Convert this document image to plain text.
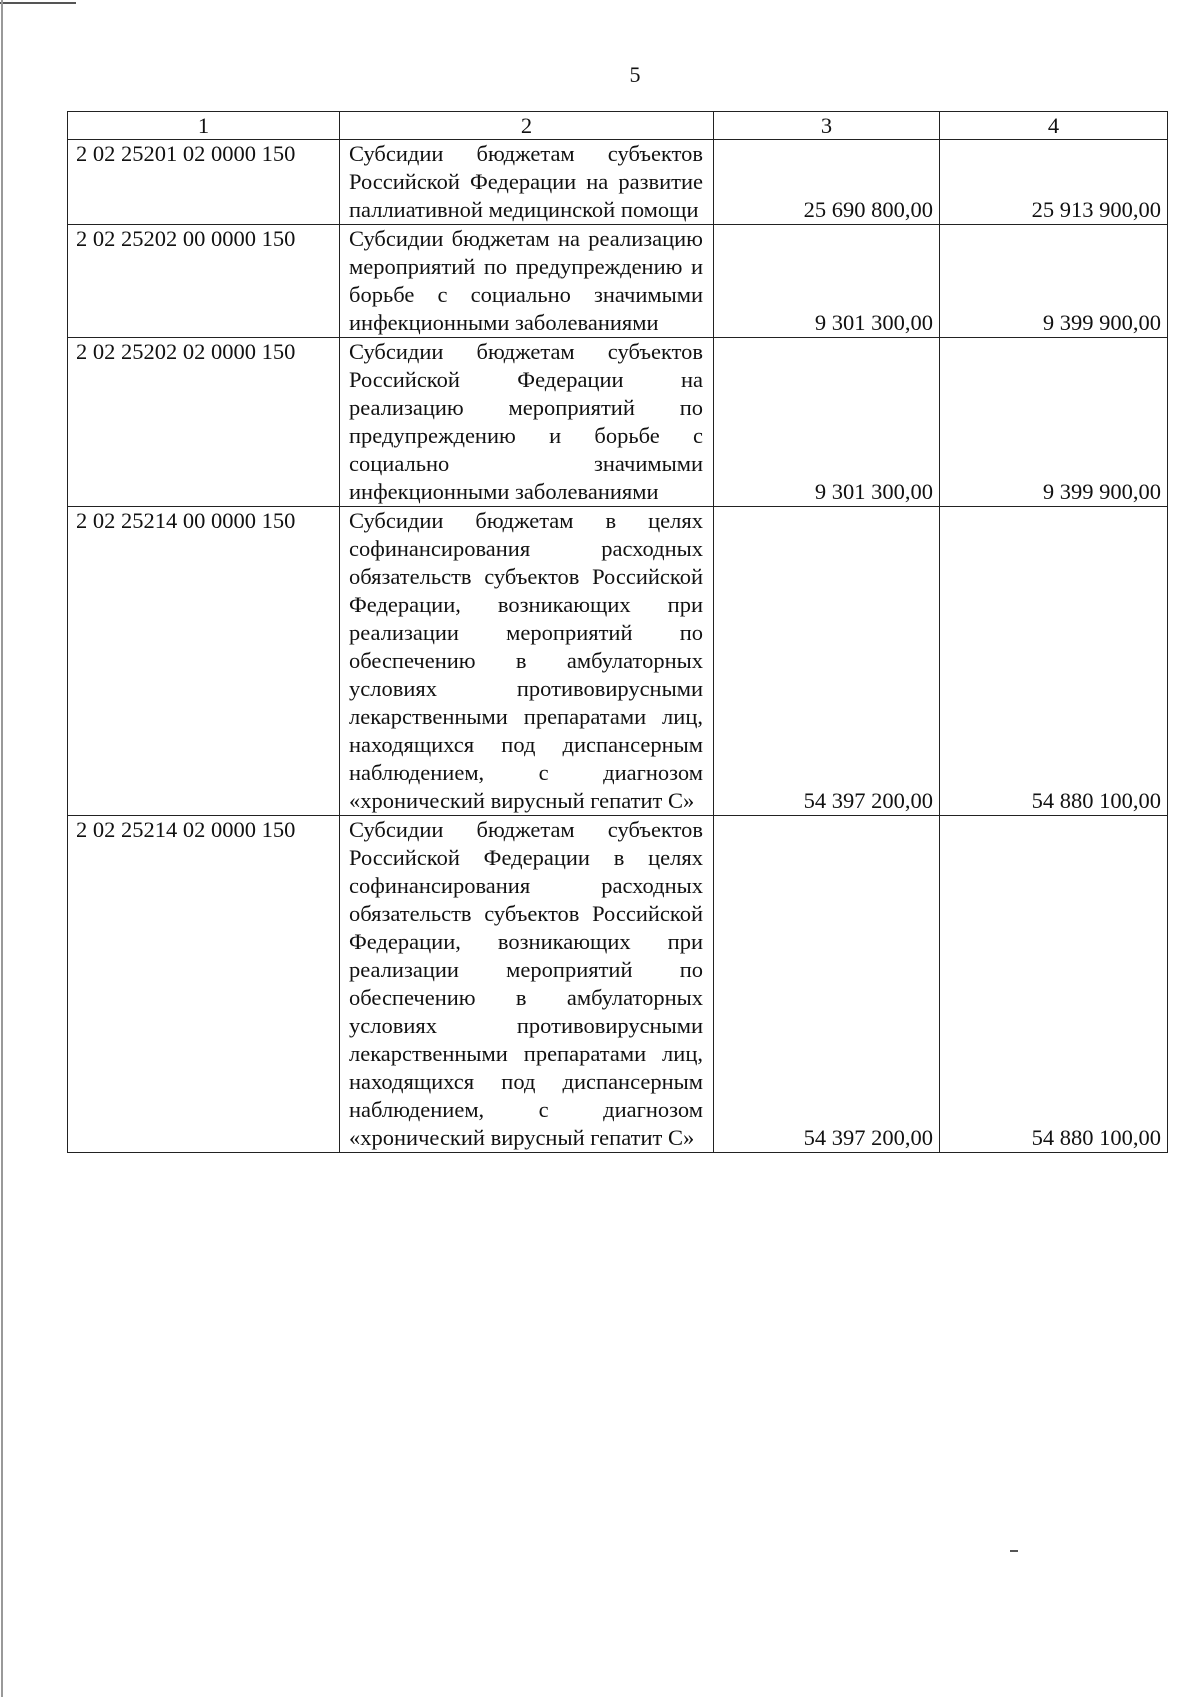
5
1	2	3	4
2 02 25201 02 0000 150	Субсидии бюджетам субъектов Российской Федерации на развитие паллиативной медицинской помощи	25 690 800,00	25 913 900,00
2 02 25202 00 0000 150	Субсидии бюджетам на реализацию мероприятий по предупреждению и борьбе с социально значимыми инфекционными заболеваниями	9 301 300,00	9 399 900,00
2 02 25202 02 0000 150	Субсидии бюджетам субъектов Российской Федерации на реализацию мероприятий по предупреждению и борьбе с социально значимыми инфекционными заболеваниями	9 301 300,00	9 399 900,00
2 02 25214 00 0000 150	Субсидии бюджетам в целях софинансирования расходных обязательств субъектов Российской Федерации, возникающих при реализации мероприятий по обеспечению в амбулаторных условиях противовирусными лекарственными препаратами лиц, находящихся под диспансерным наблюдением, с диагнозом «хронический вирусный гепатит С»	54 397 200,00	54 880 100,00
2 02 25214 02 0000 150	Субсидии бюджетам субъектов Российской Федерации в целях софинансирования расходных обязательств субъектов Российской Федерации, возникающих при реализации мероприятий по обеспечению в амбулаторных условиях противовирусными лекарственными препаратами лиц, находящихся под диспансерным наблюдением, с диагнозом «хронический вирусный гепатит С»	54 397 200,00	54 880 100,00
